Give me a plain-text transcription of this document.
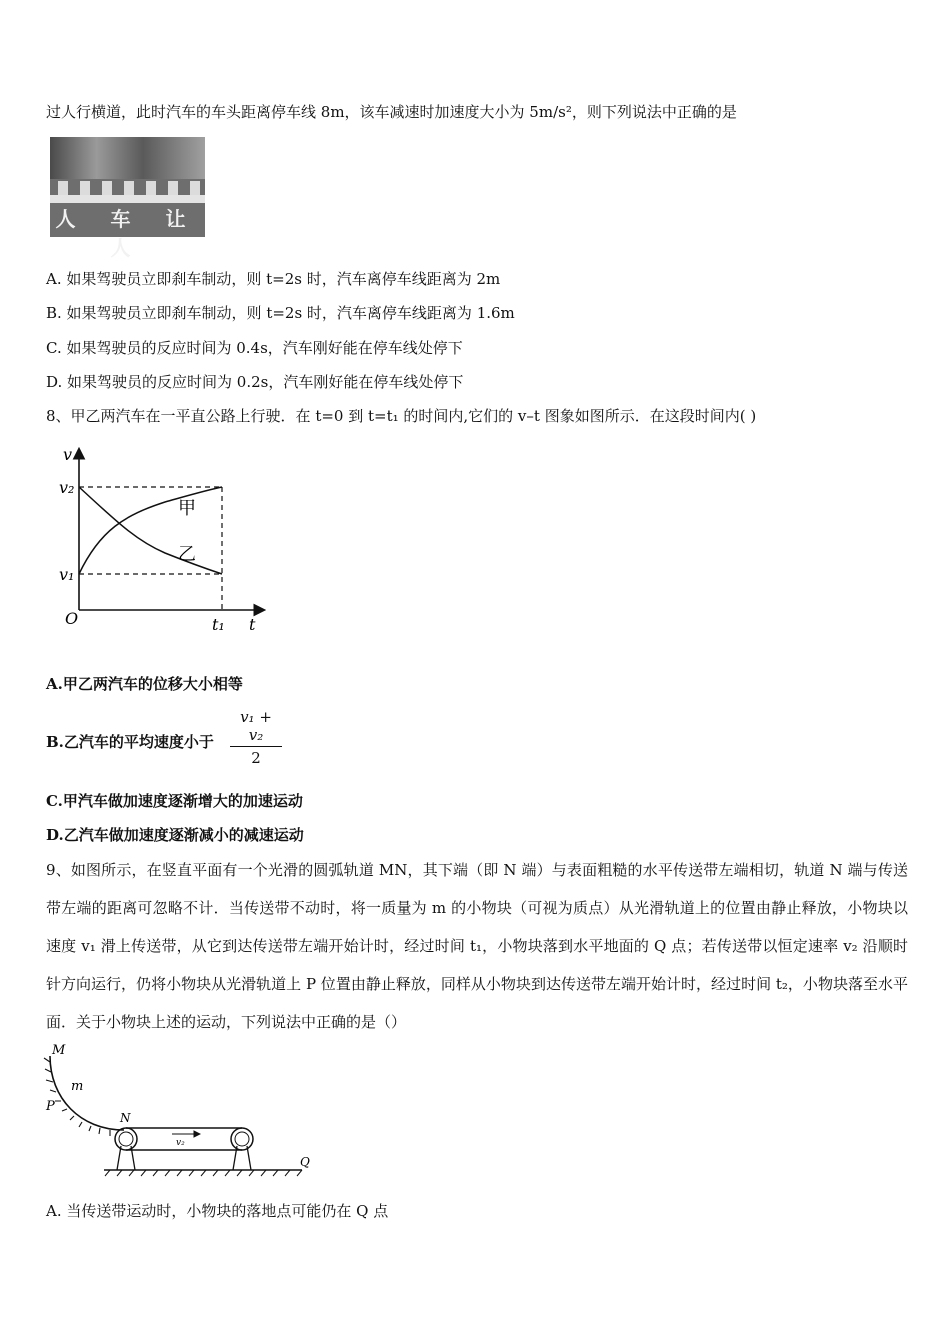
过人行横道，此时汽车的车头距离停车线 8m，该车减速时加速度大小为 5m/s²，则下列说法中正确的是
人 车 让 人
A. 如果驾驶员立即刹车制动，则 t=2s 时，汽车离停车线距离为 2m
B. 如果驾驶员立即刹车制动，则 t=2s 时，汽车离停车线距离为 1.6m
C. 如果驾驶员的反应时间为 0.4s，汽车刚好能在停车线处停下
D. 如果驾驶员的反应时间为 0.2s，汽车刚好能在停车线处停下
8、甲乙两汽车在一平直公路上行驶．在 t=0 到 t=t₁ 的时间内,它们的 v–t 图象如图所示．在这段时间内( )
v
v₂
v₁
O	t₁ t
甲
乙
A.甲乙两汽车的位移大小相等
B.乙汽车的平均速度小于 $\frac{\text{v₁ + v₂}}{2}$
C.甲汽车做加速度逐渐增大的加速运动
D.乙汽车做加速度逐渐减小的减速运动
9、如图所示，在竖直平面有一个光滑的圆弧轨道 MN，其下端（即 N 端）与表面粗糙的水平传送带左端相切，轨道 N 端与传送带左端的距离可忽略不计．当传送带不动时，将一质量为 m 的小物块（可视为质点）从光滑轨道上的位置由静止释放，小物块以速度 v₁ 滑上传送带，从它到达传送带左端开始计时，经过时间 t₁，小物块落到水平地面的 Q 点；若传送带以恒定速率 v₂ 沿顺时针方向运行，仍将小物块从光滑轨道上 P 位置由静止释放，同样从小物块到达传送带左端开始计时，经过时间 t₂，小物块落至水平面．关于小物块上述的运动，下列说法中正确的是（）
M
m
P
N
v₂
Q
A. 当传送带运动时，小物块的落地点可能仍在 Q 点
